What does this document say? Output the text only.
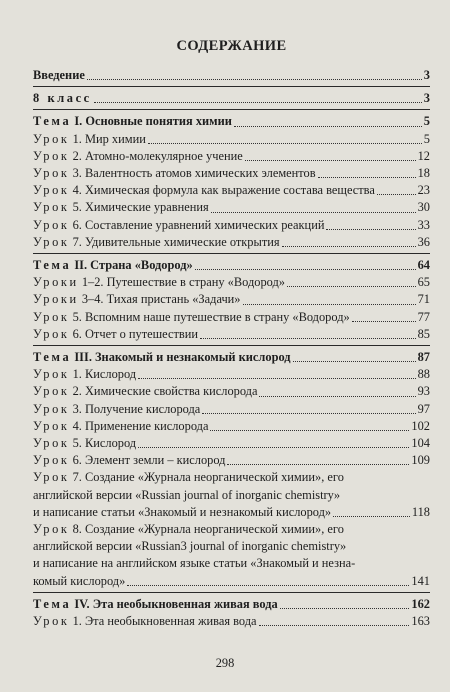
СОДЕРЖАНИЕ
Введение	3
8 класс	3
Тема I. Основные понятия химии	5
Урок 1. Мир химии	5
Урок 2. Атомно-молекулярное учение	12
Урок 3. Валентность атомов химических элементов	18
Урок 4. Химическая формула как выражение состава вещества	23
Урок 5. Химические уравнения	30
Урок 6. Составление уравнений химических реакций	33
Урок 7. Удивительные химические открытия	36
Тема II. Страна «Водород»	64
Уроки 1–2. Путешествие в страну «Водород»	65
Уроки 3–4. Тихая пристань «Задачи»	71
Урок 5. Вспомним наше путешествие в страну «Водород»	77
Урок 6. Отчет о путешествии	85
Тема III. Знакомый и незнакомый кислород	87
Урок 1. Кислород	88
Урок 2. Химические свойства кислорода	93
Урок 3. Получение кислорода	97
Урок 4. Применение кислорода	102
Урок 5. Кислород	104
Урок 6. Элемент земли – кислород	109
Урок 7. Создание «Журнала неорганической химии», его
английской версии «Russian journal of inorganic chemistry»
и написание статьи «Знакомый и незнакомый кислород»	118
Урок 8. Создание «Журнала неорганической химии», его
английской версии «Russian3 journal of inorganic chemistry»
и написание на английском языке статьи «Знакомый и незна-
комый кислород»	141
Тема IV. Эта необыкновенная живая вода	162
Урок 1. Эта необыкновенная живая вода	163
298
